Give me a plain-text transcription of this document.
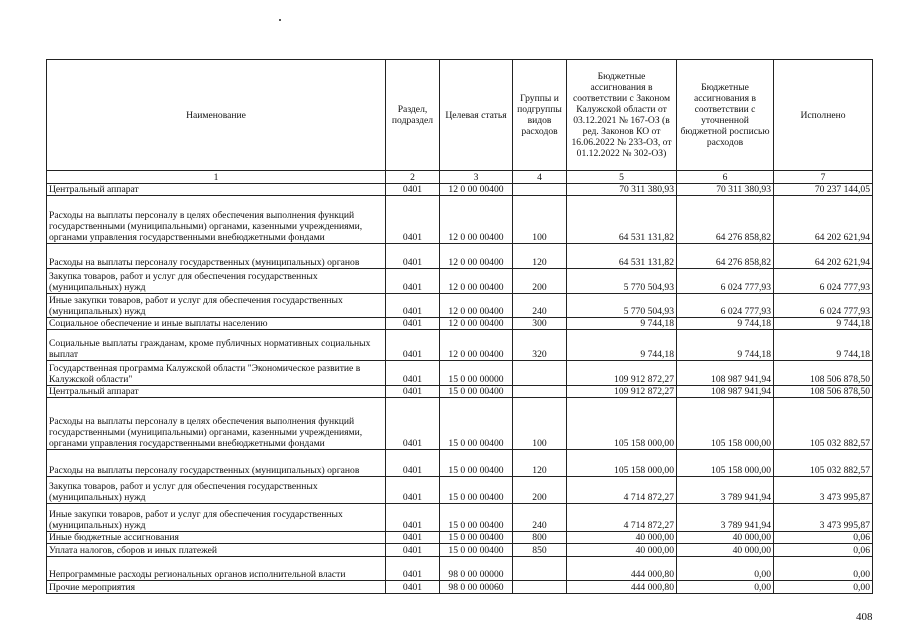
Наименование	Раздел, подраздел	Целевая статья	Группы и подгруппы видов расходов	Бюджетные ассигнования в соответствии с Законом Калужской области от 03.12.2021 № 167-ОЗ (в ред. Законов КО от 16.06.2022 № 233-ОЗ, от 01.12.2022 № 302-ОЗ)	Бюджетные ассигнования в соответствии с уточненной бюджетной росписью расходов	Исполнено
1	2	3	4	5	6	7
Центральный аппарат	0401	12 0 00 00400		70 311 380,93	70 311 380,93	70 237 144,05
Расходы на выплаты персоналу в целях обеспечения выполнения функций государственными (муниципальными) органами, казенными учреждениями, органами управления государственными внебюджетными фондами	0401	12 0 00 00400	100	64 531 131,82	64 276 858,82	64 202 621,94
Расходы на выплаты персоналу государственных (муниципальных) органов	0401	12 0 00 00400	120	64 531 131,82	64 276 858,82	64 202 621,94
Закупка товаров, работ и услуг для обеспечения государственных (муниципальных) нужд	0401	12 0 00 00400	200	5 770 504,93	6 024 777,93	6 024 777,93
Иные закупки товаров, работ и услуг для обеспечения государственных (муниципальных) нужд	0401	12 0 00 00400	240	5 770 504,93	6 024 777,93	6 024 777,93
Социальное обеспечение и иные выплаты населению	0401	12 0 00 00400	300	9 744,18	9 744,18	9 744,18
Социальные выплаты гражданам, кроме публичных нормативных социальных выплат	0401	12 0 00 00400	320	9 744,18	9 744,18	9 744,18
Государственная программа Калужской области "Экономическое развитие в Калужской области"	0401	15 0 00 00000		109 912 872,27	108 987 941,94	108 506 878,50
Центральный аппарат	0401	15 0 00 00400		109 912 872,27	108 987 941,94	108 506 878,50
Расходы на выплаты персоналу в целях обеспечения выполнения функций государственными (муниципальными) органами, казенными учреждениями, органами управления государственными внебюджетными фондами	0401	15 0 00 00400	100	105 158 000,00	105 158 000,00	105 032 882,57
Расходы на выплаты персоналу государственных (муниципальных) органов	0401	15 0 00 00400	120	105 158 000,00	105 158 000,00	105 032 882,57
Закупка товаров, работ и услуг для обеспечения государственных (муниципальных) нужд	0401	15 0 00 00400	200	4 714 872,27	3 789 941,94	3 473 995,87
Иные закупки товаров, работ и услуг для обеспечения государственных (муниципальных) нужд	0401	15 0 00 00400	240	4 714 872,27	3 789 941,94	3 473 995,87
Иные бюджетные ассигнования	0401	15 0 00 00400	800	40 000,00	40 000,00	0,06
Уплата налогов, сборов и иных платежей	0401	15 0 00 00400	850	40 000,00	40 000,00	0,06
Непрограммные расходы региональных органов исполнительной власти	0401	98 0 00 00000		444 000,80	0,00	0,00
Прочие мероприятия	0401	98 0 00 00060		444 000,80	0,00	0,00
408
